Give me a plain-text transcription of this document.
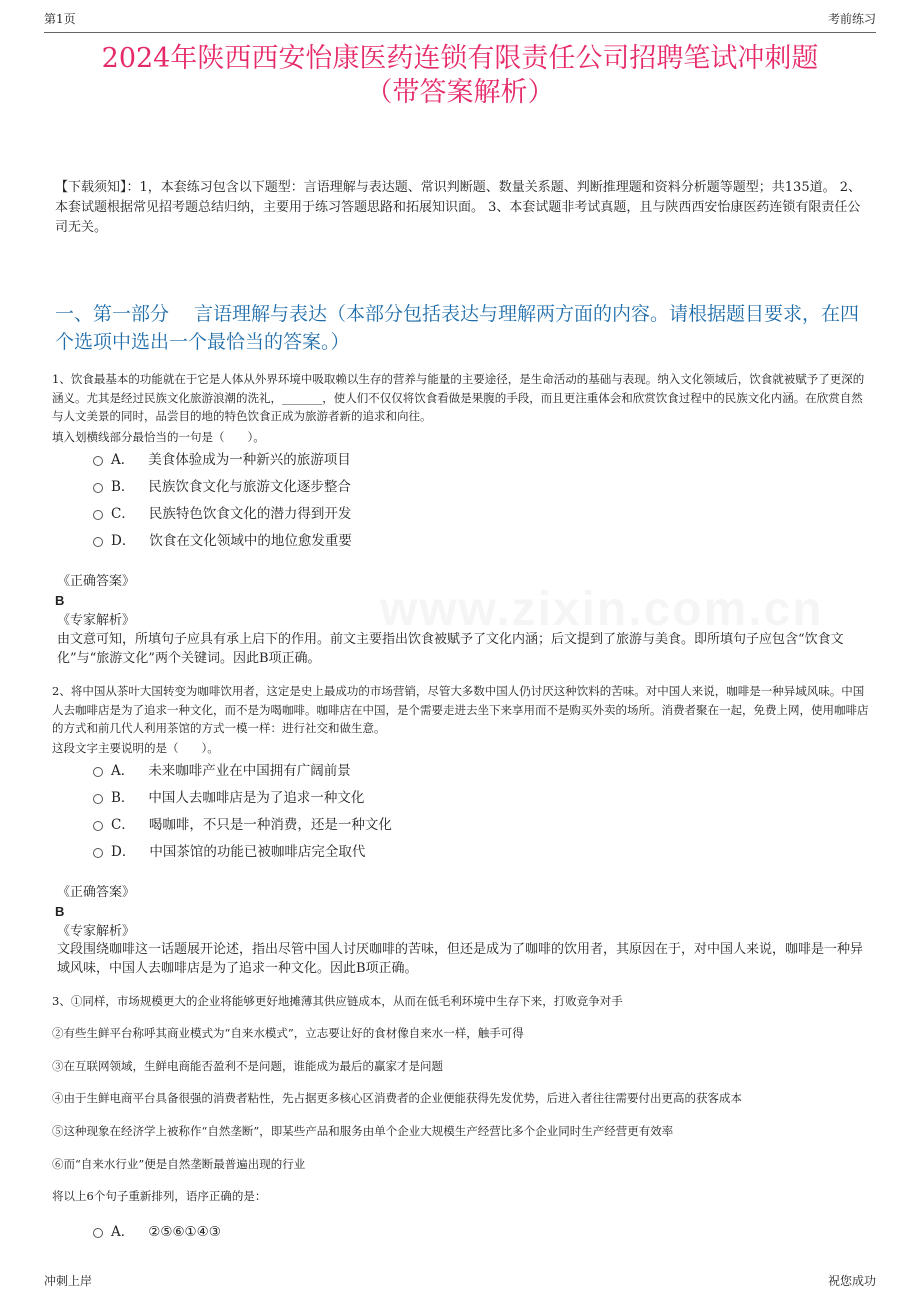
第1页	考前练习
2024年陕西西安怡康医药连锁有限责任公司招聘笔试冲刺题
（带答案解析）
【下载须知】：1，本套练习包含以下题型：言语理解与表达题、常识判断题、数量关系题、判断推理题和资料分析题等题型；共135道。 2、本套试题根据常见招考题总结归纳，主要用于练习答题思路和拓展知识面。 3、本套试题非考试真题，且与陕西西安怡康医药连锁有限责任公司无关。
一、第一部分　 言语理解与表达（本部分包括表达与理解两方面的内容。请根据题目要求，在四个选项中选出一个最恰当的答案。）
1、饮食最基本的功能就在于它是人体从外界环境中吸取赖以生存的营养与能量的主要途径，是生命活动的基础与表现。纳入文化领域后，饮食就被赋予了更深的涵义。尤其是经过民族文化旅游浪潮的洗礼，_______，使人们不仅仅将饮食看做是果腹的手段，而且更注重体会和欣赏饮食过程中的民族文化内涵。在欣赏自然与人文美景的同时，品尝目的地的特色饮食正成为旅游者新的追求和向往。
填入划横线部分最恰当的一句是（　　）。
A． 美食体验成为一种新兴的旅游项目
B． 民族饮食文化与旅游文化逐步整合
C． 民族特色饮食文化的潜力得到开发
D． 饮食在文化领域中的地位愈发重要
《正确答案》
B
《专家解析》
由文意可知，所填句子应具有承上启下的作用。前文主要指出饮食被赋予了文化内涵；后文提到了旅游与美食。即所填句子应包含“饮食文化”与“旅游文化”两个关键词。因此B项正确。
2、将中国从茶叶大国转变为咖啡饮用者，这定是史上最成功的市场营销，尽管大多数中国人仍讨厌这种饮料的苦味。对中国人来说，咖啡是一种异域风味。中国人去咖啡店是为了追求一种文化，而不是为喝咖啡。咖啡店在中国，是个需要走进去坐下来享用而不是购买外卖的场所。消费者聚在一起，免费上网，使用咖啡店的方式和前几代人利用茶馆的方式一模一样：进行社交和做生意。
这段文字主要说明的是（　　）。
A． 未来咖啡产业在中国拥有广阔前景
B． 中国人去咖啡店是为了追求一种文化
C． 喝咖啡，不只是一种消费，还是一种文化
D． 中国茶馆的功能已被咖啡店完全取代
《正确答案》
B
《专家解析》
文段围绕咖啡这一话题展开论述，指出尽管中国人讨厌咖啡的苦味，但还是成为了咖啡的饮用者，其原因在于，对中国人来说，咖啡是一种异域风味，中国人去咖啡店是为了追求一种文化。因此B项正确。
3、①同样，市场规模更大的企业将能够更好地摊薄其供应链成本，从而在低毛利环境中生存下来，打败竞争对手
②有些生鲜平台称呼其商业模式为“自来水模式”，立志要让好的食材像自来水一样，触手可得
③在互联网领域，生鲜电商能否盈利不是问题，谁能成为最后的赢家才是问题
④由于生鲜电商平台具备很强的消费者粘性，先占据更多核心区消费者的企业便能获得先发优势，后进入者往往需要付出更高的获客成本
⑤这种现象在经济学上被称作“自然垄断”，即某些产品和服务由单个企业大规模生产经营比多个企业同时生产经营更有效率
⑥而“自来水行业”便是自然垄断最普遍出现的行业
将以上6个句子重新排列，语序正确的是：
A． ②⑤⑥①④③
www.zixin.com.cn
冲刺上岸	祝您成功
